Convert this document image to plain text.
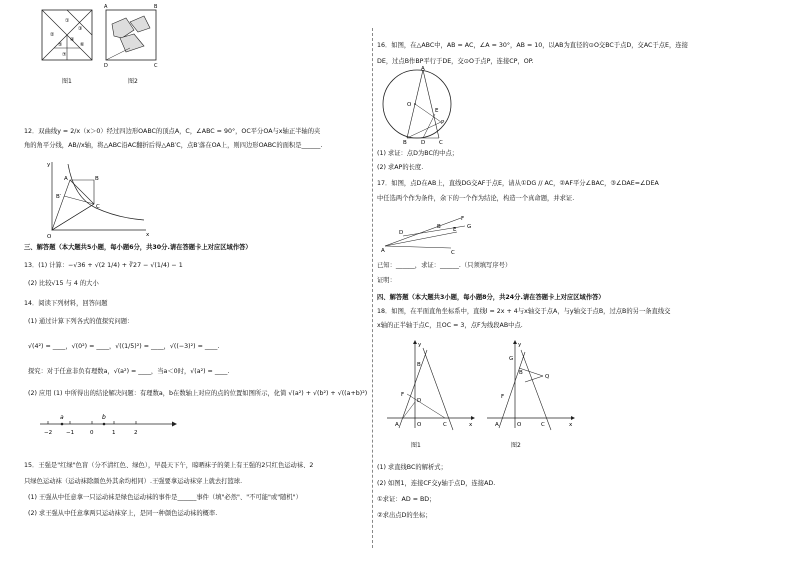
①
②
③
④
⑤	⑥
⑦
A	B
D	C
图1	图2
12．双曲线y = 2/x（x＞0）经过四边形OABC的顶点A，C，∠ABC = 90°，OC平分OA与x轴正半轴的夹
角的角平分线，AB//x轴，将△ABC沿AC翻折后得△AB′C，点B′落在OA上，则四边形OABC的面积是______.
y
x
O
A	B
B′
C
三、解答题（本大题共5小题，每小题6分，共30分.请在答题卡上对应区域作答）
13．(1) 计算：−√36 + √(2 1/4) + ∛27 − √(1/4) − 1
(2) 比较√15 与 4 的大小
14．阅读下列材料，回答问题
(1) 通过计算下列各式的值探究问题：
√(4²) = ____，√(0²) = ____，√((1/5)²) = ____，√((−3)²) = ____.
探究：对于任意非负有理数a，√(a²) = ____，当a＜0时，√(a²) = ____.
(2) 应用 (1) 中所得出的结论解决问题：有理数a，b在数轴上对应的点的位置如图所示，化简 √(a²) + √(b²) + √((a+b)²)
a	b
−2	−1	0	1	2
15．王强是"红绿"色盲（分不清红色、绿色），早晨天下午，晾晒袜子的架上有王强的2只红色运动袜、2
只绿色运动袜（运动袜除颜色外其余均相同）.王强要拿运动袜穿上就去打篮球.
(1) 王强从中任意拿一只运动袜是绿色运动袜的事件是______事件（填"必然"、"不可能"或"随机"）
(2) 求王强从中任意拿两只运动袜穿上，是同一种颜色运动袜的概率.
16．如图，在△ABC中，AB = AC，∠A = 30°，AB = 10，以AB为直径的⊙O交BC于点D，交AC于点E，连接
DE，过点B作BP平行于DE，交⊙O于点P，连接CP，OP.
A
O
E
P
B	D	C
(1) 求证：点D为BC的中点；
(2) 求AP的长度.
17．如图，点D在AB上，直线DG交AF于点E，请从①DG // AC，②AF平分∠BAC，③∠DAE=∠DEA
中任选两个作为条件，余下的一个作为结论，构造一个真命题，并求证.
A
D
B E
F
G
C
已知：______，求证：______.（只须填写序号）
证明：
四、解答题（本大题共3小题，每小题8分，共24分.请在答题卡上对应区域作答）
18．如图，在平面直角坐标系中，直线l = 2x + 4与x轴交于点A，与y轴交于点B，过点B的另一条直线交
x轴的正半轴于点C，且OC = 3，点F为线段AB中点.
y
B
F
D
A	O	C	x
图1
y
G
B
Q
F
A	O	C	x
图2
(1) 求直线BC的解析式；
(2) 如图1，连接CF交y轴于点D，连接AD.
①求证：AD = BD；
②求出点D的坐标；
